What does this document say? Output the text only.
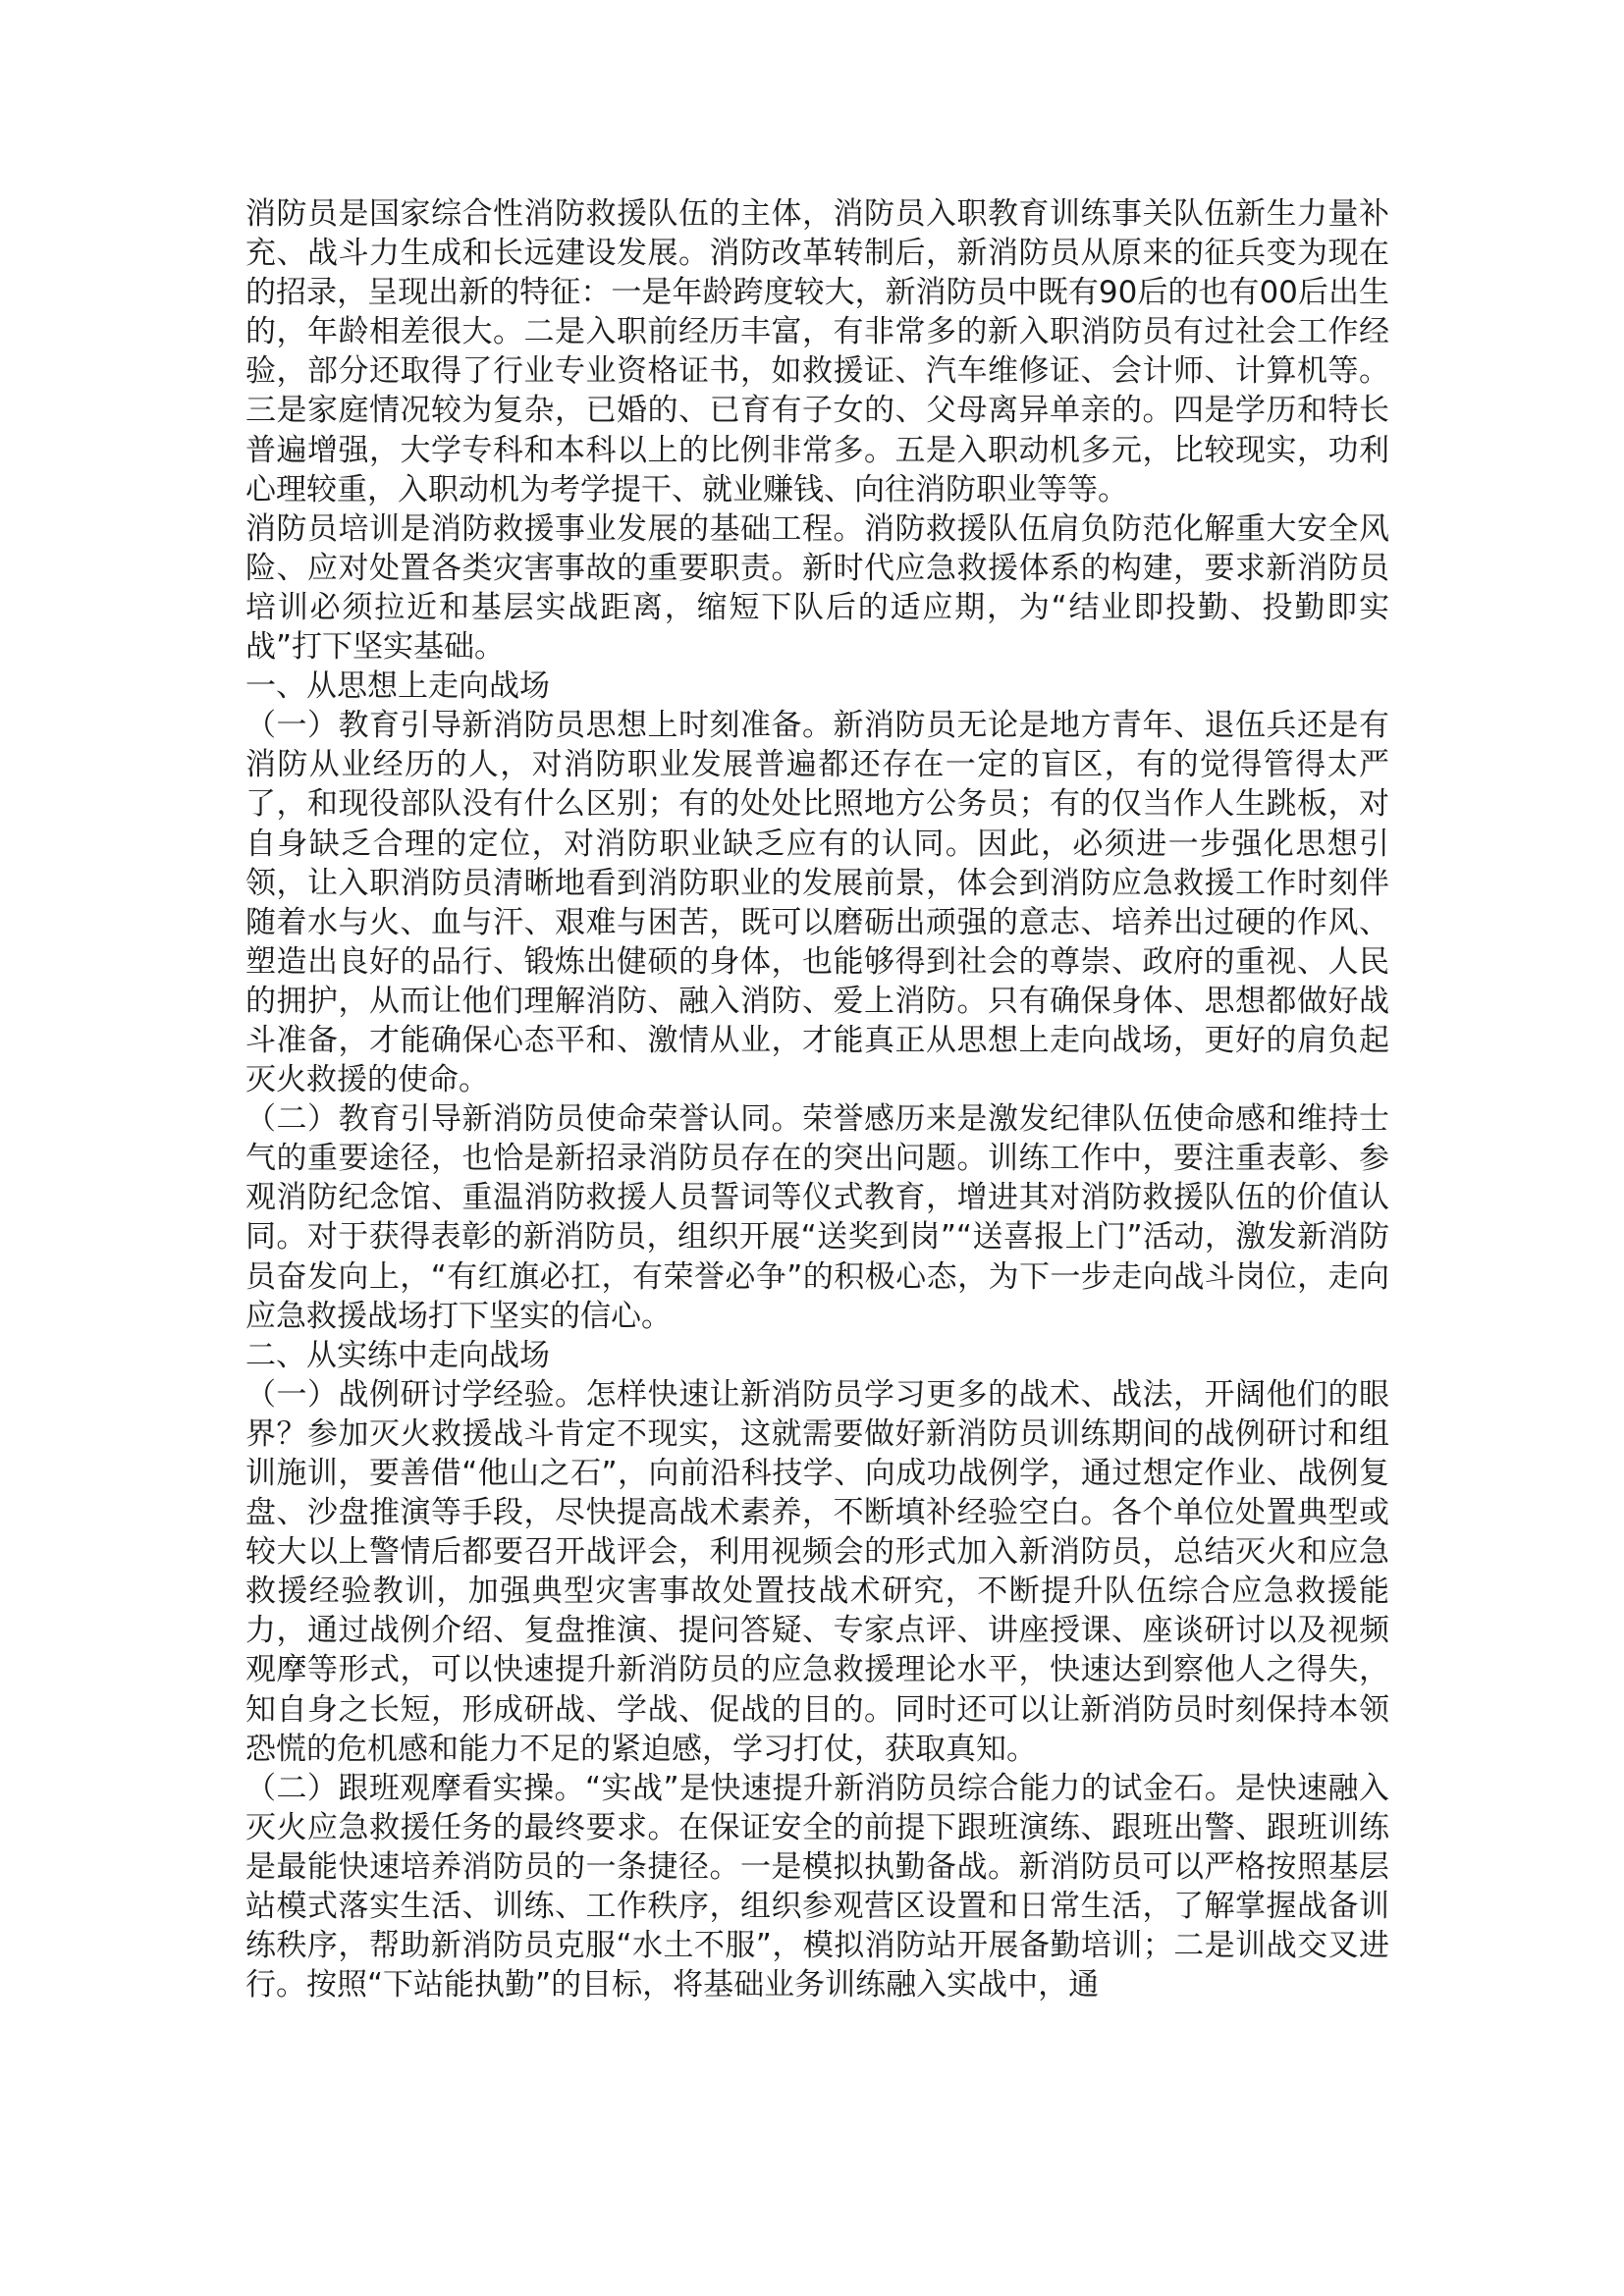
消防员是国家综合性消防救援队伍的主体，消防员入职教育训练事关队伍新生力量补充、战斗力生成和长远建设发展。消防改革转制后，新消防员从原来的征兵变为现在的招录，呈现出新的特征：一是年龄跨度较大，新消防员中既有90后的也有00后出生的，年龄相差很大。二是入职前经历丰富，有非常多的新入职消防员有过社会工作经验，部分还取得了行业专业资格证书，如救援证、汽车维修证、会计师、计算机等。三是家庭情况较为复杂，已婚的、已育有子女的、父母离异单亲的。四是学历和特长普遍增强，大学专科和本科以上的比例非常多。五是入职动机多元，比较现实，功利心理较重，入职动机为考学提干、就业赚钱、向往消防职业等等。

消防员培训是消防救援事业发展的基础工程。消防救援队伍肩负防范化解重大安全风险、应对处置各类灾害事故的重要职责。新时代应急救援体系的构建，要求新消防员培训必须拉近和基层实战距离，缩短下队后的适应期，为“结业即投勤、投勤即实战”打下坚实基础。

一、从思想上走向战场

（一）教育引导新消防员思想上时刻准备。新消防员无论是地方青年、退伍兵还是有消防从业经历的人，对消防职业发展普遍都还存在一定的盲区，有的觉得管得太严了，和现役部队没有什么区别；有的处处比照地方公务员；有的仅当作人生跳板，对自身缺乏合理的定位，对消防职业缺乏应有的认同。因此，必须进一步强化思想引领，让入职消防员清晰地看到消防职业的发展前景，体会到消防应急救援工作时刻伴随着水与火、血与汗、艰难与困苦，既可以磨砺出顽强的意志、培养出过硬的作风、塑造出良好的品行、锻炼出健硕的身体，也能够得到社会的尊崇、政府的重视、人民的拥护，从而让他们理解消防、融入消防、爱上消防。只有确保身体、思想都做好战斗准备，才能确保心态平和、激情从业，才能真正从思想上走向战场，更好的肩负起灭火救援的使命。

（二）教育引导新消防员使命荣誉认同。荣誉感历来是激发纪律队伍使命感和维持士气的重要途径，也恰是新招录消防员存在的突出问题。训练工作中，要注重表彰、参观消防纪念馆、重温消防救援人员誓词等仪式教育，增进其对消防救援队伍的价值认同。对于获得表彰的新消防员，组织开展“送奖到岗”“送喜报上门”活动，激发新消防员奋发向上，“有红旗必扛，有荣誉必争”的积极心态，为下一步走向战斗岗位，走向应急救援战场打下坚实的信心。

二、从实练中走向战场

（一）战例研讨学经验。怎样快速让新消防员学习更多的战术、战法，开阔他们的眼界？参加灭火救援战斗肯定不现实，这就需要做好新消防员训练期间的战例研讨和组训施训，要善借“他山之石”，向前沿科技学、向成功战例学，通过想定作业、战例复盘、沙盘推演等手段，尽快提高战术素养，不断填补经验空白。各个单位处置典型或较大以上警情后都要召开战评会，利用视频会的形式加入新消防员，总结灭火和应急救援经验教训，加强典型灾害事故处置技战术研究，不断提升队伍综合应急救援能力，通过战例介绍、复盘推演、提问答疑、专家点评、讲座授课、座谈研讨以及视频观摩等形式，可以快速提升新消防员的应急救援理论水平，快速达到察他人之得失，知自身之长短，形成研战、学战、促战的目的。同时还可以让新消防员时刻保持本领恐慌的危机感和能力不足的紧迫感，学习打仗，获取真知。

（二）跟班观摩看实操。“实战”是快速提升新消防员综合能力的试金石。是快速融入灭火应急救援任务的最终要求。在保证安全的前提下跟班演练、跟班出警、跟班训练是最能快速培养消防员的一条捷径。一是模拟执勤备战。新消防员可以严格按照基层站模式落实生活、训练、工作秩序，组织参观营区设置和日常生活，了解掌握战备训练秩序，帮助新消防员克服“水土不服”，模拟消防站开展备勤培训；二是训战交叉进行。按照“下站能执勤”的目标，将基础业务训练融入实战中，通
